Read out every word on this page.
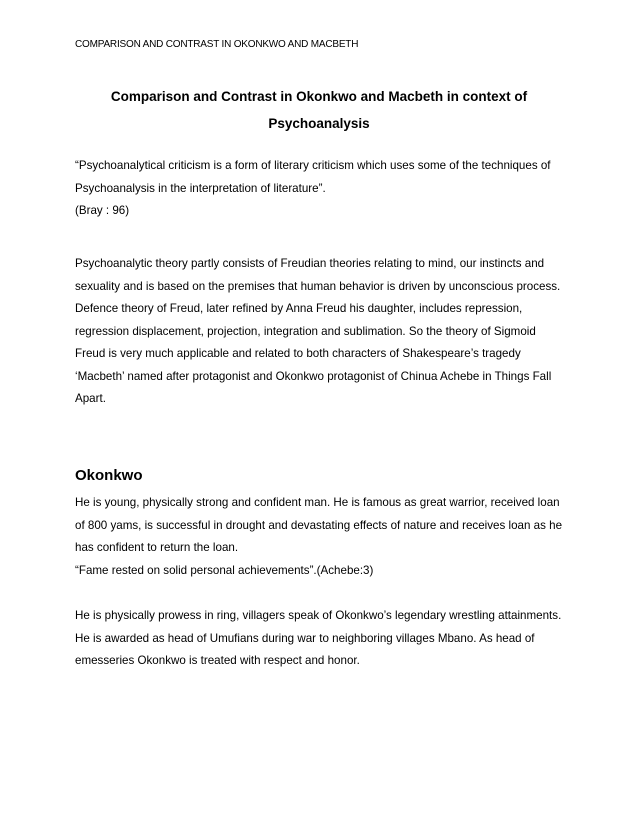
COMPARISON AND CONTRAST IN OKONKWO AND MACBETH
Comparison and Contrast in Okonkwo and Macbeth in context of
Psychoanalysis
“Psychoanalytical criticism is a form of literary criticism which uses some of the techniques of
Psychoanalysis in the interpretation of literature”.
(Bray : 96)
Psychoanalytic theory partly consists of Freudian theories relating to mind, our instincts and
sexuality and is based on the premises that human behavior is driven by unconscious process.
Defence theory of Freud, later refined by Anna Freud his daughter, includes repression,
regression displacement, projection, integration and sublimation. So the theory of Sigmoid
Freud is very much applicable and related to both characters of Shakespeare’s tragedy
‘Macbeth’ named after protagonist and Okonkwo protagonist of Chinua Achebe in Things Fall
Apart.
Okonkwo
He is young, physically strong and confident man. He is famous as great warrior, received loan
of 800 yams, is successful in drought and devastating effects of nature and receives loan as he
has confident to return the loan.
“Fame rested on solid personal achievements”.(Achebe:3)
He is physically prowess in ring, villagers speak of Okonkwo’s legendary wrestling attainments.
He is awarded as head of Umufians during war to neighboring villages Mbano. As head of
emesseries Okonkwo is treated with respect and honor.
